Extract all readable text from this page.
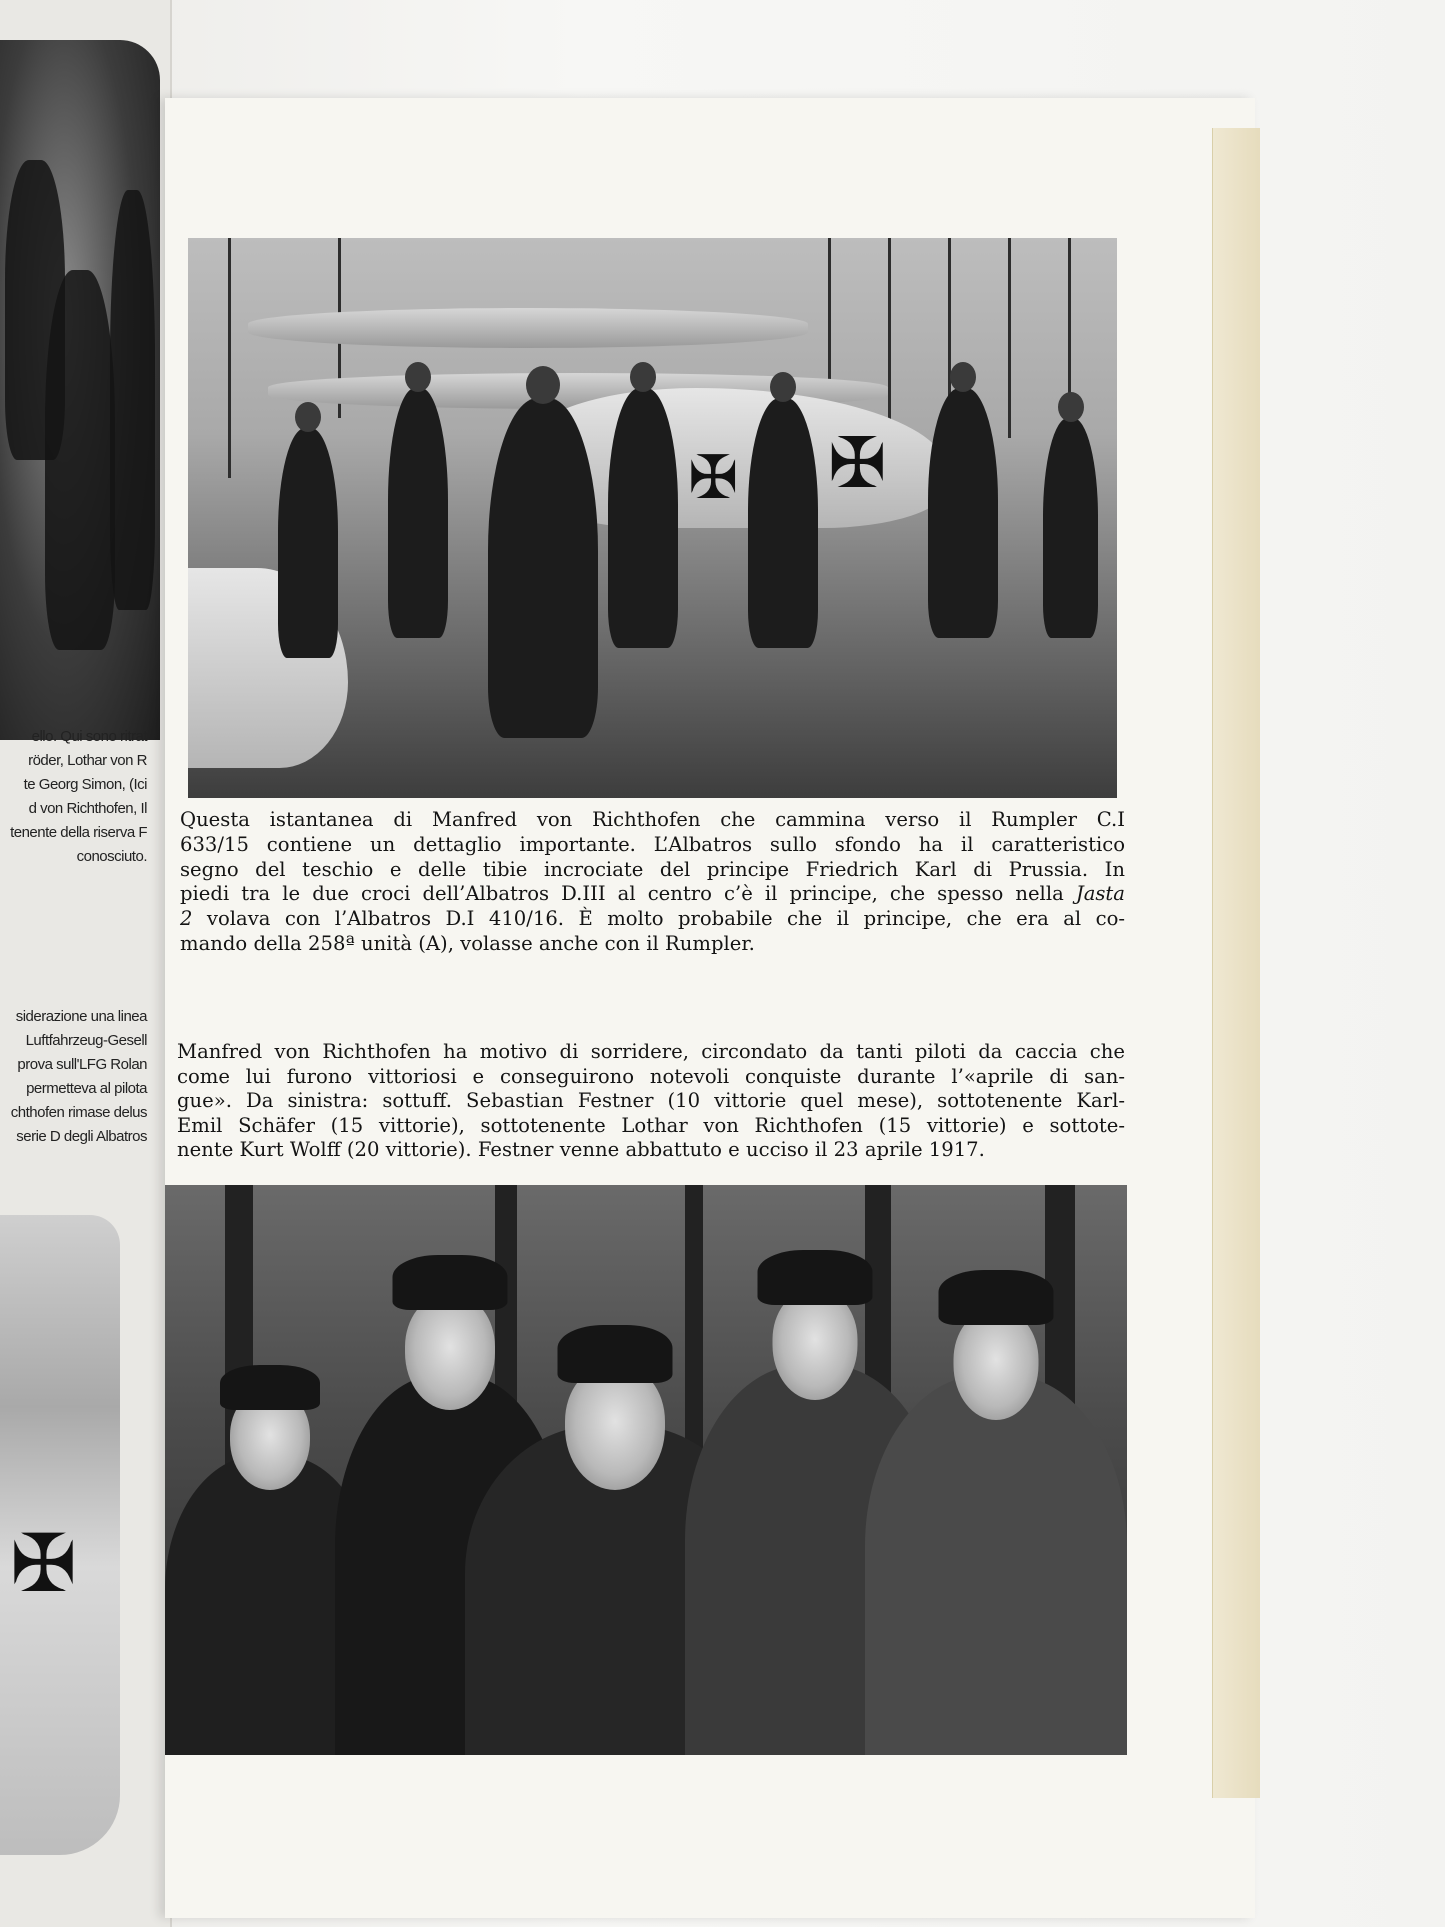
ello. Qui sono ritrat

röder, Lothar von R

te Georg Simon, (Ici

d von Richthofen, Il

tenente della riserva F

conosciuto.

siderazione una linea

Luftfahrzeug-Gesell

prova sull'LFG Rolan

permetteva al pilota

chthofen rimase delus

serie D degli Albatros

✠
✠ ✠
Questa istantanea di Manfred von Richthofen che cammina verso il Rumpler C.I
633/15 contiene un dettaglio importante. L’Albatros sullo sfondo ha il caratteristico
segno del teschio e delle tibie incrociate del principe Friedrich Karl di Prussia. In
piedi tra le due croci dell’Albatros D.III al centro c’è il principe, che spesso nella Jasta
2 volava con l’Albatros D.I 410/16. È molto probabile che il principe, che era al co-
mando della 258ª unità (A), volasse anche con il Rumpler.
Manfred von Richthofen ha motivo di sorridere, circondato da tanti piloti da caccia che
come lui furono vittoriosi e conseguirono notevoli conquiste durante l’«aprile di san-
gue». Da sinistra: sottuff. Sebastian Festner (10 vittorie quel mese), sottotenente Karl-
Emil Schäfer (15 vittorie), sottotenente Lothar von Richthofen (15 vittorie) e sottote-
nente Kurt Wolff (20 vittorie). Festner venne abbattuto e ucciso il 23 aprile 1917.
